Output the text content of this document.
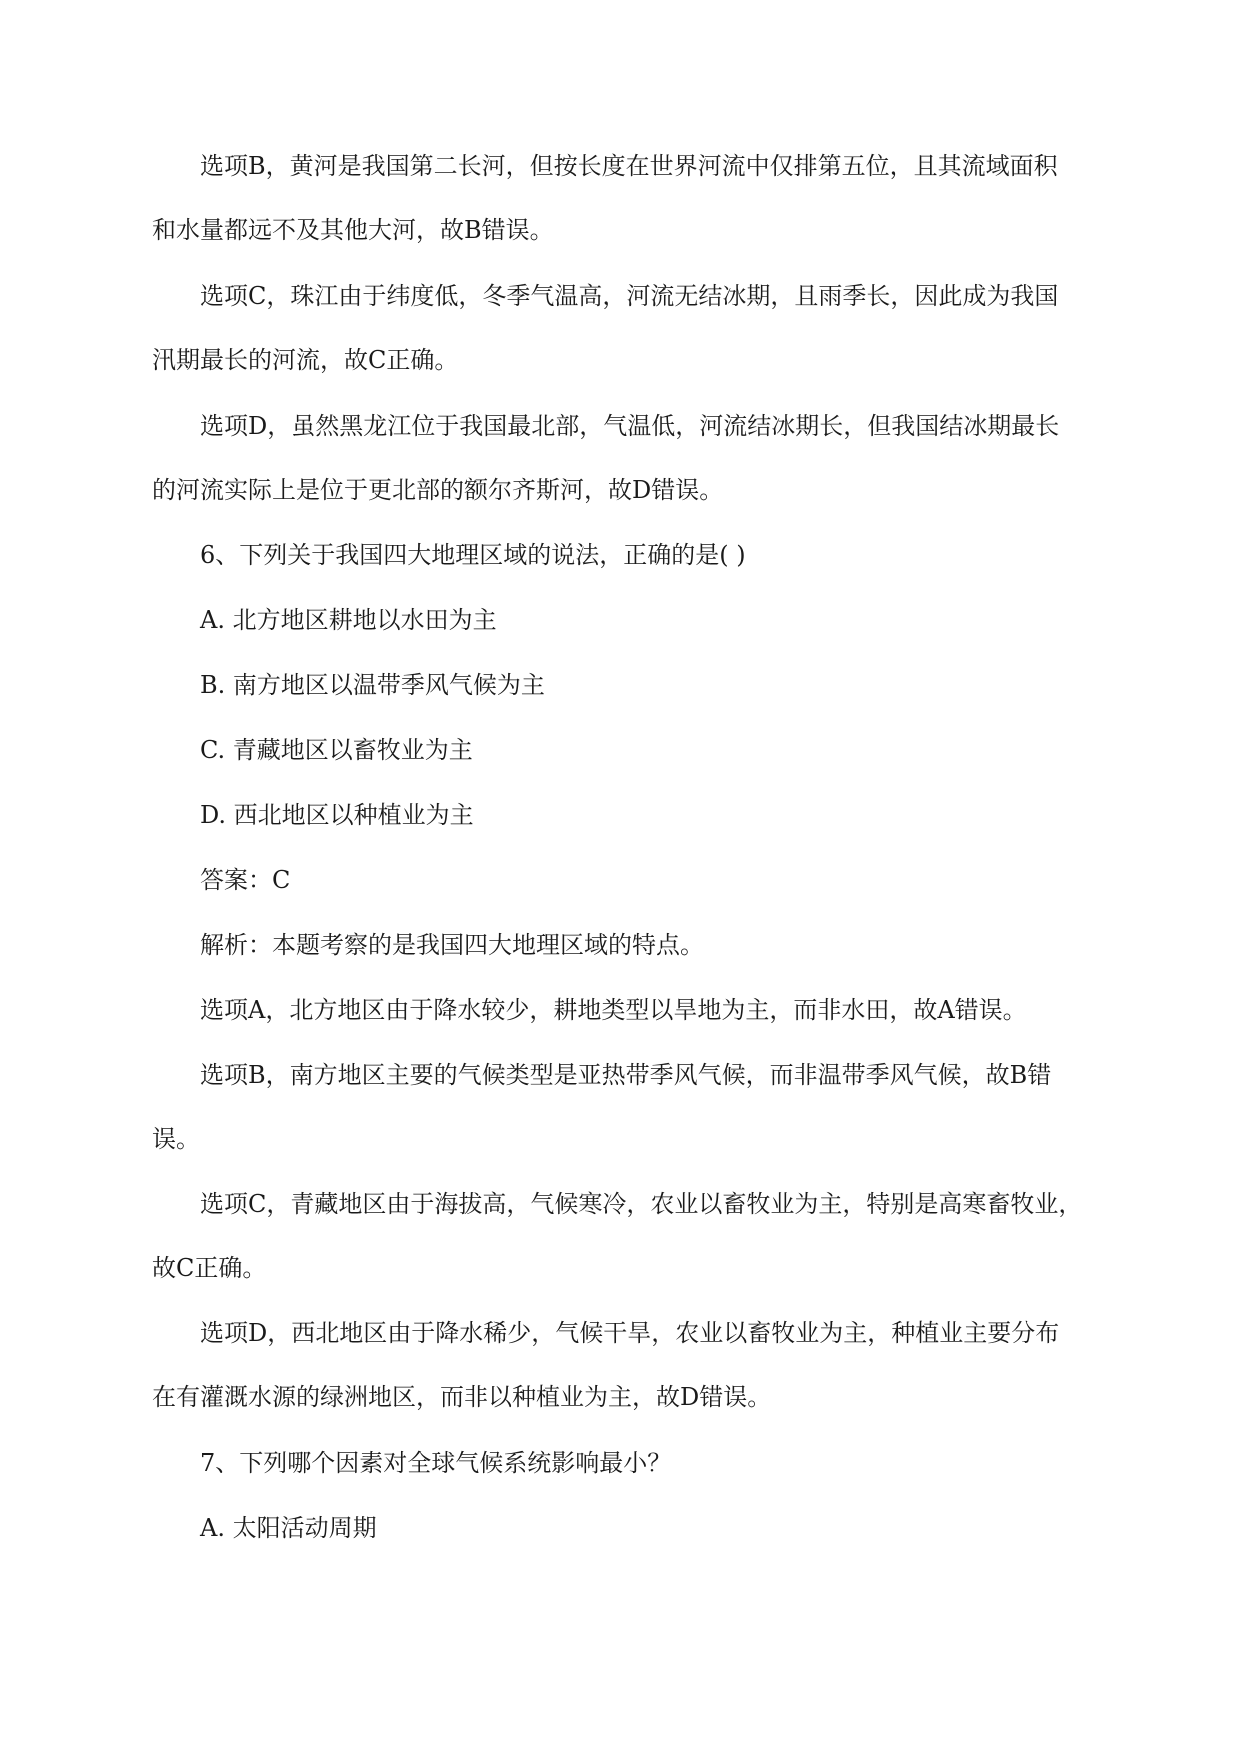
选项B，黄河是我国第二长河，但按长度在世界河流中仅排第五位，且其流域面积

和水量都远不及其他大河，故B错误。

选项C，珠江由于纬度低，冬季气温高，河流无结冰期，且雨季长，因此成为我国

汛期最长的河流，故C正确。

选项D，虽然黑龙江位于我国最北部，气温低，河流结冰期长，但我国结冰期最长

的河流实际上是位于更北部的额尔齐斯河，故D错误。

6、下列关于我国四大地理区域的说法，正确的是( )

A. 北方地区耕地以水田为主

B. 南方地区以温带季风气候为主

C. 青藏地区以畜牧业为主

D. 西北地区以种植业为主

答案：C

解析：本题考察的是我国四大地理区域的特点。

选项A，北方地区由于降水较少，耕地类型以旱地为主，而非水田，故A错误。

选项B，南方地区主要的气候类型是亚热带季风气候，而非温带季风气候，故B错

误。

选项C，青藏地区由于海拔高，气候寒冷，农业以畜牧业为主，特别是高寒畜牧业，

故C正确。

选项D，西北地区由于降水稀少，气候干旱，农业以畜牧业为主，种植业主要分布

在有灌溉水源的绿洲地区，而非以种植业为主，故D错误。

7、下列哪个因素对全球气候系统影响最小？

A. 太阳活动周期
